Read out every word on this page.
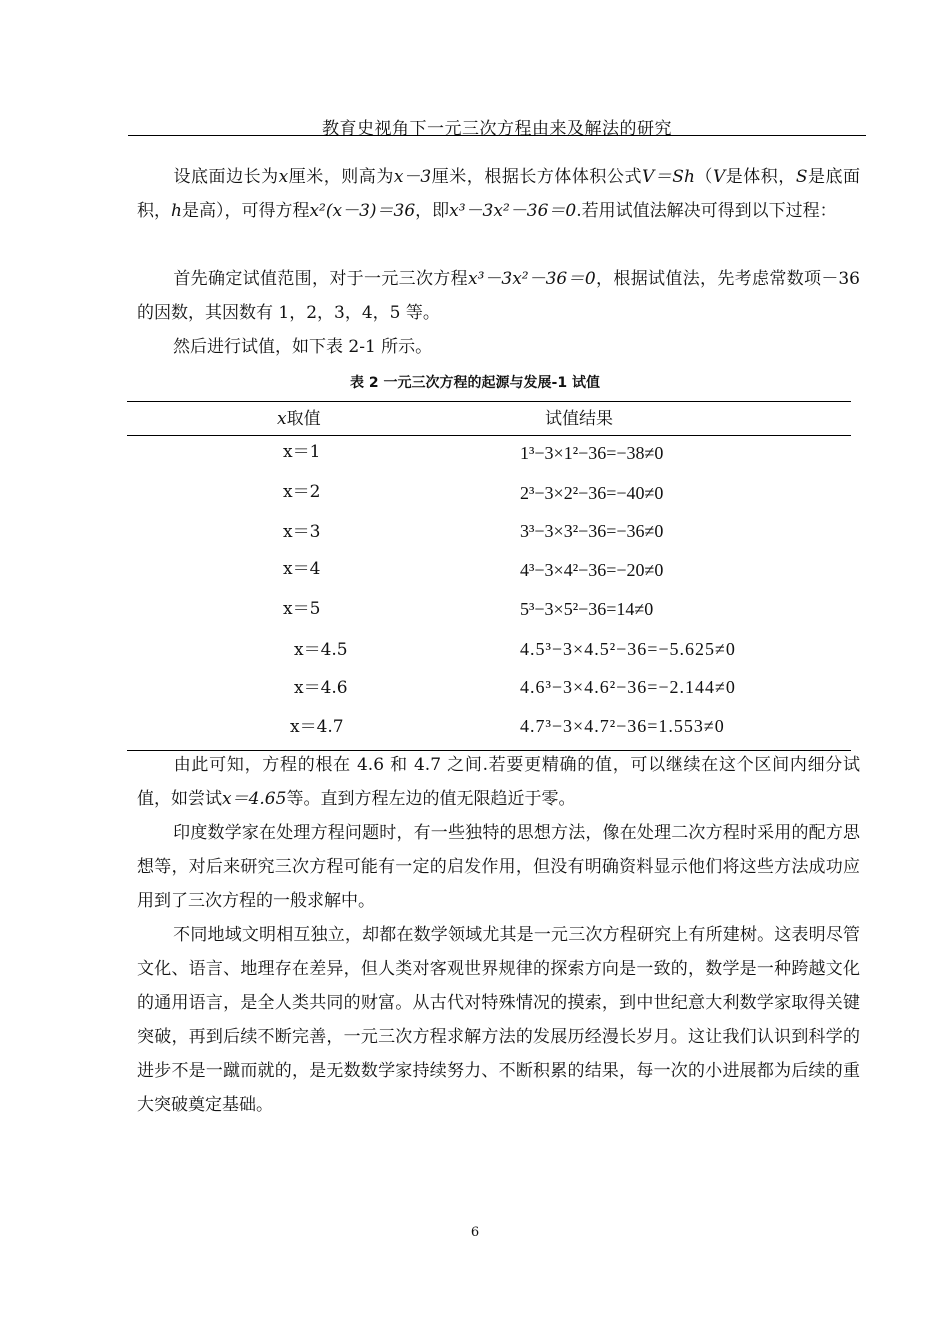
教育史视角下一元三次方程由来及解法的研究

设底面边长为x厘米，则高为x－3厘米，根据长方体体积公式V＝Sh（V是体积，S是底面积，h是高），可得方程x²(x－3)＝36，即x³－3x²－36＝0.若用试值法解决可得到以下过程：

首先确定试值范围，对于一元三次方程x³－3x²－36＝0，根据试值法，先考虑常数项－36的因数，其因数有 1，2，3，4，5 等。

然后进行试值，如下表 2-1 所示。

表 2 一元三次方程的起源与发展-1 试值
x取值	试值结果
x＝1	1³−3×1²−36=−38≠0
x＝2	2³−3×2²−36=−40≠0
x＝3	3³−3×3²−36=−36≠0
x＝4	4³−3×4²−36=−20≠0
x＝5	5³−3×5²−36=14≠0
x＝4.5	4.5³−3×4.5²−36=−5.625≠0
x＝4.6	4.6³−3×4.6²−36=−2.144≠0
x＝4.7	4.7³−3×4.7²−36=1.553≠0

由此可知，方程的根在 4.6 和 4.7 之间.若要更精确的值，可以继续在这个区间内细分试值，如尝试x＝4.65等。直到方程左边的值无限趋近于零。

印度数学家在处理方程问题时，有一些独特的思想方法，像在处理二次方程时采用的配方思想等，对后来研究三次方程可能有一定的启发作用，但没有明确资料显示他们将这些方法成功应用到了三次方程的一般求解中。

不同地域文明相互独立，却都在数学领域尤其是一元三次方程研究上有所建树。这表明尽管文化、语言、地理存在差异，但人类对客观世界规律的探索方向是一致的，数学是一种跨越文化的通用语言，是全人类共同的财富。从古代对特殊情况的摸索，到中世纪意大利数学家取得关键突破，再到后续不断完善，一元三次方程求解方法的发展历经漫长岁月。这让我们认识到科学的进步不是一蹴而就的，是无数数学家持续努力、不断积累的结果，每一次的小进展都为后续的重大突破奠定基础。

6
